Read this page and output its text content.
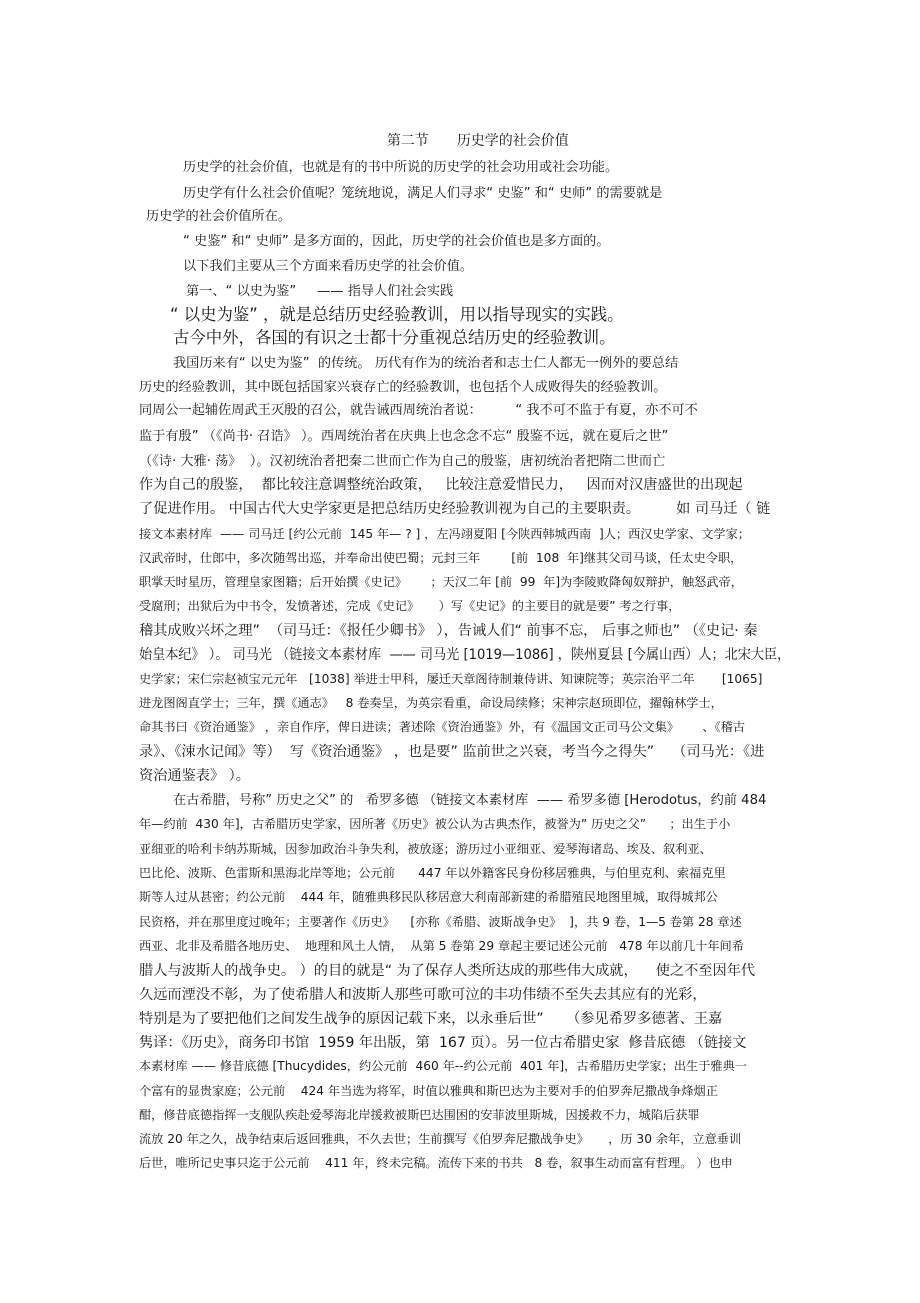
第二节　　 历史学的社会价值

历史学的社会价值，也就是有的书中所说的历史学的社会功用或社会功能。
历史学有什么社会价值呢？笼统地说，满足人们寻求“ 史鉴” 和“ 史师” 的需要就是
历史学的社会价值所在。
“ 史鉴” 和“ 史师” 是多方面的，因此，历史学的社会价值也是多方面的。
以下我们主要从三个方面来看历史学的社会价值。
第一、“ 以史为鉴”     —— 指导人们社会实践
“ 以史为鉴” ，就是总结历史经验教训，用以指导现实的实践。
古今中外，各国的有识之士都十分重视总结历史的经验教训。
我国历来有“ 以史为鉴”  的传统。 历代有作为的统治者和志士仁人都无一例外的要总结
历史的经验教训，其中既包括国家兴衰存亡的经验教训，也包括个人成败得失的经验教训。
同周公一起辅佐周武王灭殷的召公，就告诫西周统治者说：        “ 我不可不监于有夏，亦不可不
监于有殷” （《尚书· 召诰》 ）。西周统治者在庆典上也念念不忘“ 殷鉴不远，就在夏后之世”
（《诗· 大雅· 荡》  ）。汉初统治者把秦二世而亡作为自己的殷鉴，唐初统治者把隋二世而亡
作为自己的殷鉴，  都比较注意调整统治政策，   比较注意爱惜民力，   因而对汉唐盛世的出现起
了促进作用。 中国古代大史学家更是把总结历史经验教训视为自己的主要职责。        如 司马迁（ 链
接文本素材库  —— 司马迁 [约公元前  145 年— ? ] ，左冯翊夏阳 [今陕西韩城西南  ]人；西汉史学家、文学家；
汉武帝时，仕郎中，多次随驾出巡，并奉命出使巴蜀；元封三年        [前  108  年]继其父司马谈，任太史令职，
职掌天时星历，管理皇家图籍；后开始撰《史记》      ；天汉二年 [前  99  年]为李陵败降匈奴辩护，触怒武帝，
受腐刑；出狱后为中书令，发愤著述，完成《史记》     ）写《史记》的主要目的就是要” 考之行事，
稽其成败兴坏之理”  （司马迁：《报任少卿书》 ），告诫人们“ 前事不忘， 后事之师也” （《史记· 秦
始皇本纪》 ）。 司马光 （链接文本素材库  —— 司马光 [1019—1086] ，陕州夏县 [今属山西）人；北宋大臣，
史学家；宋仁宗赵祯宝元元年   [1038] 举进士甲科，屡迁天章阁待制兼侍讲、知谏院等；英宗治平二年       [1065]
进龙图阁直学士；三年，撰《通志》   8 卷奏呈，为英宗看重，命设局续修；宋神宗赵顼即位，擢翰林学士，
命其书曰《资治通鉴》 ，亲自作序，俾日进读；著述除《资治通鉴》外，有《温国文正司马公文集》      、《稽古
录》、《涑水记闻》等）  写《资治通鉴》 ，也是要” 监前世之兴衰，考当今之得失”    （司马光：《进
资治通鉴表》 ）。
在古希腊，号称” 历史之父” 的   希罗多德 （链接文本素材库  —— 希罗多德 [Herodotus，约前 484
年—约前  430 年]，古希腊历史学家，因所著《历史》被公认为古典杰作，被誉为” 历史之父”      ；出生于小
亚细亚的哈利卡纳苏斯城，因参加政治斗争失利，被放逐；游历过小亚细亚、爱琴海诸岛、埃及、叙利亚、
巴比伦、波斯、色雷斯和黑海北岸等地；公元前      447 年以外籍客民身份移居雅典，与伯里克利、索福克里
斯等人过从甚密；约公元前    444 年，随雅典移民队移居意大利南部新建的希腊殖民地图里城，取得城邦公
民资格，并在那里度过晚年；主要著作《历史》    [亦称《希腊、波斯战争史》  ]，共 9 卷，1—5 卷第 28 章述
西亚、北非及希腊各地历史、  地理和风土人情，  从第 5 卷第 29 章起主要记述公元前   478 年以前几十年间希
腊人与波斯人的战争史。 ）的目的就是“ 为了保存人类所达成的那些伟大成就，    使之不至因年代
久远而湮没不彰，为了使希腊人和波斯人那些可歌可泣的丰功伟绩不至失去其应有的光彩，
特别是为了要把他们之间发生战争的原因记载下来，以永垂后世”     （参见希罗多德著、王嘉
隽译：《历史》，商务印书馆  1959 年出版，第  167 页）。另一位古希腊史家  修昔底德 （链接文
本素材库 —— 修昔底德 [Thucydides，约公元前  460 年--约公元前  401 年]，古希腊历史学家；出生于雅典一
个富有的显贵家庭；公元前    424 年当选为将军，时值以雅典和斯巴达为主要对手的伯罗奔尼撒战争烽烟正
酣，修昔底德指挥一支舰队疾赴爱琴海北岸援救被斯巴达围困的安菲波里斯城，因援救不力，城陷后获罪
流放 20 年之久，战争结束后返回雅典，不久去世；生前撰写《伯罗奔尼撒战争史》     ，历 30 余年，立意垂训
后世，唯所记史事只迄于公元前    411 年，终未完稿。流传下来的书共   8 卷，叙事生动而富有哲理。 ）也申
